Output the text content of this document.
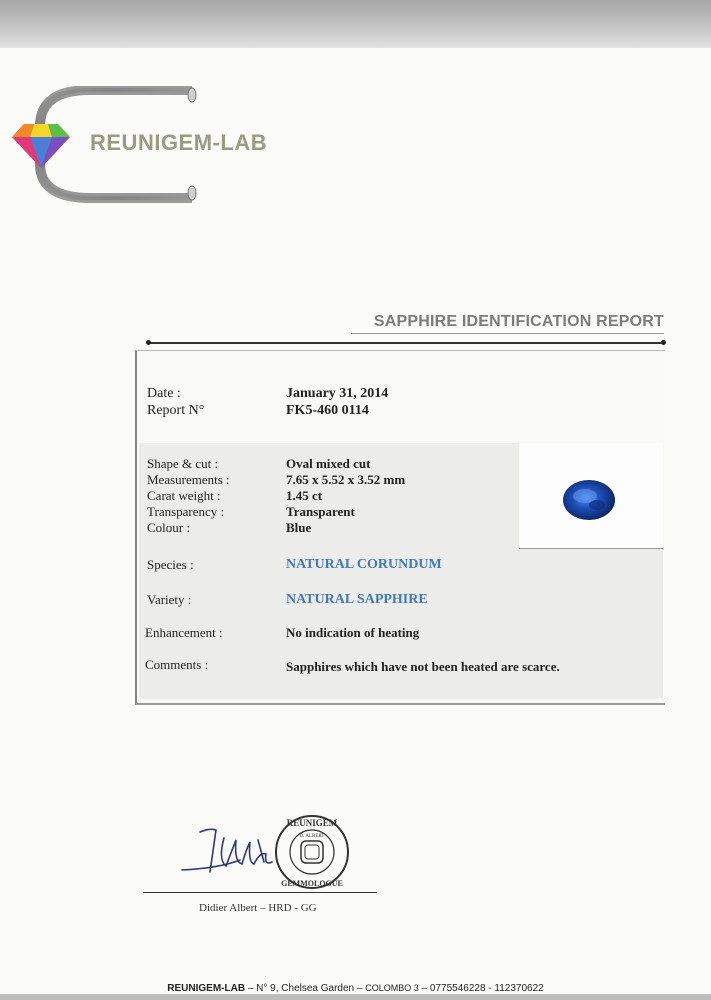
REUNIGEM-LAB
SAPPHIRE IDENTIFICATION REPORT
Date :	January 31, 2014
Report N°	FK5-460 0114
Shape & cut :	Oval mixed cut
Measurements :	7.65 x 5.52 x 3.52 mm
Carat weight :	1.45 ct
Transparency :	Transparent
Colour :	Blue
Species :	NATURAL CORUNDUM
Variety :	NATURAL SAPPHIRE
Enhancement :	No indication of heating
Comments :	Sapphires which have not been heated are scarce.
REUNIGEM
GEMMOLOGUE
D. ALBERT
Didier Albert – HRD - GG
REUNIGEM-LAB – N° 9, Chelsea Garden – COLOMBO 3 – 0775546228 - 112370622
